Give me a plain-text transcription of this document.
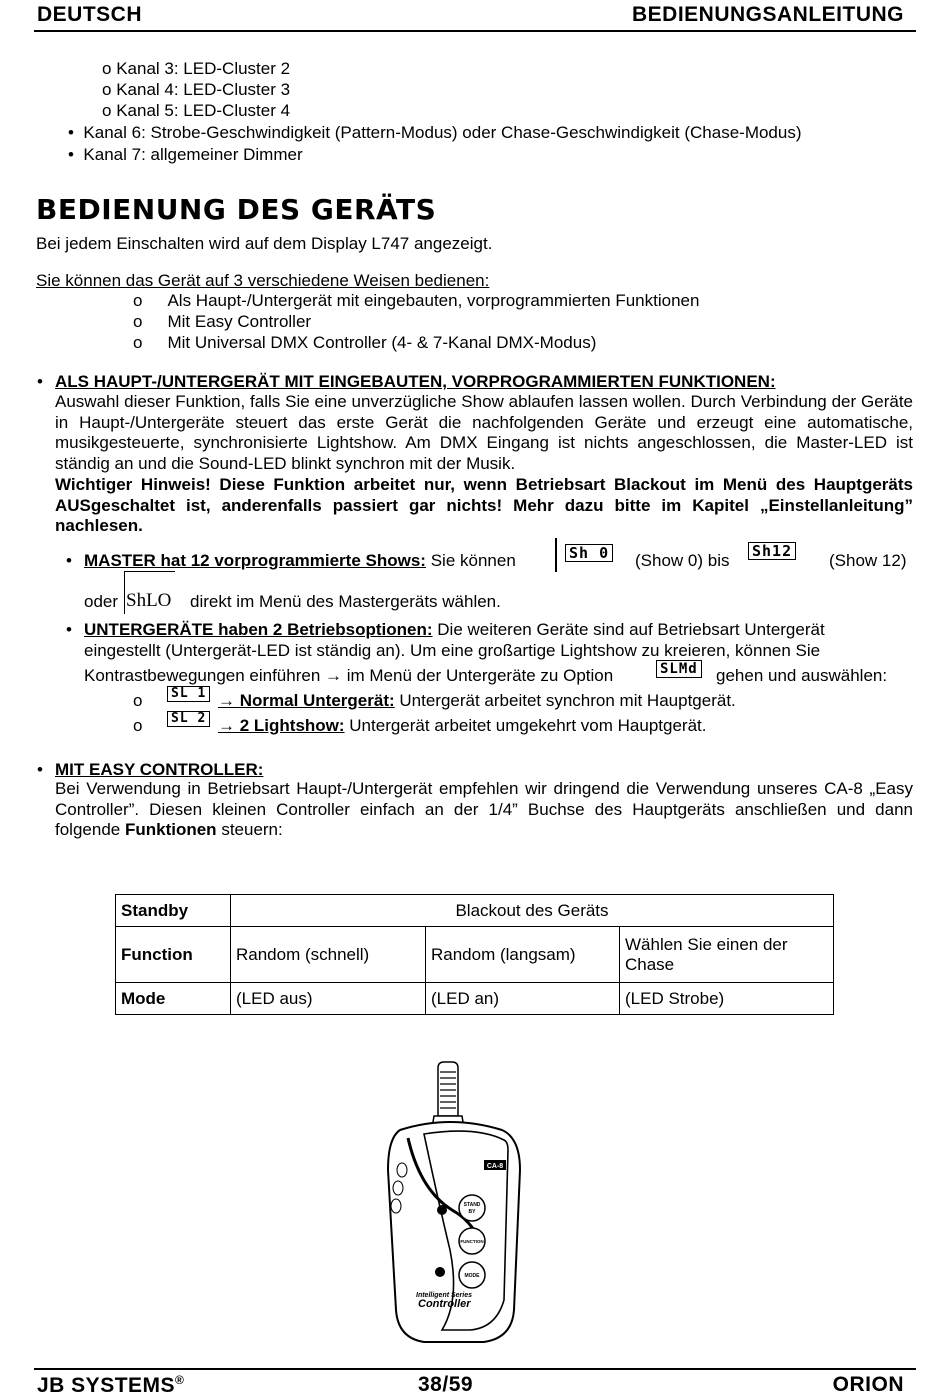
DEUTSCH	BEDIENUNGSANLEITUNG
o Kanal 3: LED-Cluster 2
o Kanal 4: LED-Cluster 3
o Kanal 5: LED-Cluster 4
• Kanal 6: Strobe-Geschwindigkeit (Pattern-Modus) oder Chase-Geschwindigkeit (Chase-Modus)
• Kanal 7: allgemeiner Dimmer
BEDIENUNG DES GERÄTS
Bei jedem Einschalten wird auf dem Display L747 angezeigt.
Sie können das Gerät auf 3 verschiedene Weisen bedienen:
o Als Haupt-/Untergerät mit eingebauten, vorprogrammierten Funktionen
o Mit Easy Controller
o Mit Universal DMX Controller (4- & 7-Kanal DMX-Modus)
• ALS HAUPT-/UNTERGERÄT MIT EINGEBAUTEN, VORPROGRAMMIERTEN FUNKTIONEN:
Auswahl dieser Funktion, falls Sie eine unverzügliche Show ablaufen lassen wollen. Durch Verbindung der Geräte in Haupt-/Untergeräte steuert das erste Gerät die nachfolgenden Geräte und erzeugt eine automatische, musikgesteuerte, synchronisierte Lightshow. Am DMX Eingang ist nichts angeschlossen, die Master-LED ist ständig an und die Sound-LED blinkt synchron mit der Musik.
Wichtiger Hinweis! Diese Funktion arbeitet nur, wenn Betriebsart Blackout im Menü des Hauptgeräts AUSgeschaltet ist, anderenfalls passiert gar nichts! Mehr dazu bitte im Kapitel „Einstellanleitung” nachlesen.
• MASTER hat 12 vorprogrammierte Shows: Sie können	Sh 0 (Show 0) bis Sh12 (Show 12)
oder ShLO direkt im Menü des Mastergeräts wählen.
• UNTERGERÄTE haben 2 Betriebsoptionen: Die weiteren Geräte sind auf Betriebsart Untergerät
eingestellt (Untergerät-LED ist ständig an). Um eine großartige Lightshow zu kreieren, können Sie
Kontrastbewegungen einführen → im Menü der Untergeräte zu Option	SLMd gehen und auswählen:
o	SL 1 → Normal Untergerät: Untergerät arbeitet synchron mit Hauptgerät.
o	SL 2 → 2 Lightshow: Untergerät arbeitet umgekehrt vom Hauptgerät.
• MIT EASY CONTROLLER:
Bei Verwendung in Betriebsart Haupt-/Untergerät empfehlen wir dringend die Verwendung unseres CA-8 „Easy Controller”. Diesen kleinen Controller einfach an der 1/4” Buchse des Hauptgeräts anschließen und dann folgende Funktionen steuern:
Standby	Blackout des Geräts		
Function	Random (schnell)	Random (langsam)	Wählen Sie einen der Chase
Mode	(LED aus)	(LED an)	(LED Strobe)
CA-8
STAND
BY
FUNCTION
MODE
Intelligent Series
Controller
JB SYSTEMS®	38/59	ORION
